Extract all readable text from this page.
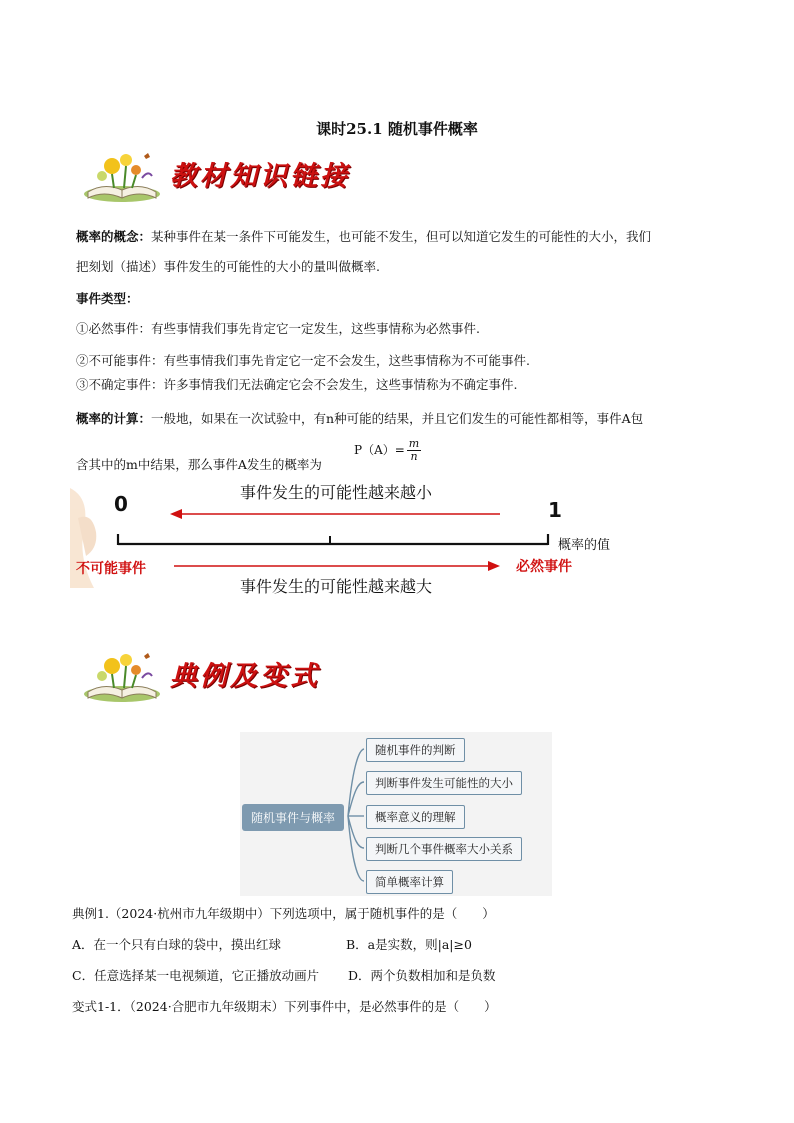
课时25.1 随机事件概率
教材知识链接
概率的概念：某种事件在某一条件下可能发生，也可能不发生，但可以知道它发生的可能性的大小，我们
把刻划（描述）事件发生的可能性的大小的量叫做概率.
事件类型：
①必然事件：有些事情我们事先肯定它一定发生，这些事情称为必然事件.
②不可能事件：有些事情我们事先肯定它一定不会发生，这些事情称为不可能事件.
③不确定事件：许多事情我们无法确定它会不会发生，这些事情称为不确定事件.
概率的计算：一般地，如果在一次试验中，有n种可能的结果，并且它们发生的可能性都相等，事件A包
含其中的m中结果，那么事件A发生的概率为
$P(A)= \frac{m}{n}$
0	1
事件发生的可能性越来越小
概率的值
不可能事件	必然事件
事件发生的可能性越来越大
典例及变式
随机事件与概率
随机事件的判断
判断事件发生可能性的大小
概率意义的理解
判断几个事件概率大小关系
简单概率计算
典例1.（2024·杭州市九年级期中）下列选项中，属于随机事件的是（　　）
A．在一个只有白球的袋中，摸出红球	B．a是实数，则|a|≥0
C．任意选择某一电视频道，它正播放动画片 D．两个负数相加和是负数
变式1-1．（2024·合肥市九年级期末）下列事件中，是必然事件的是（　　）
